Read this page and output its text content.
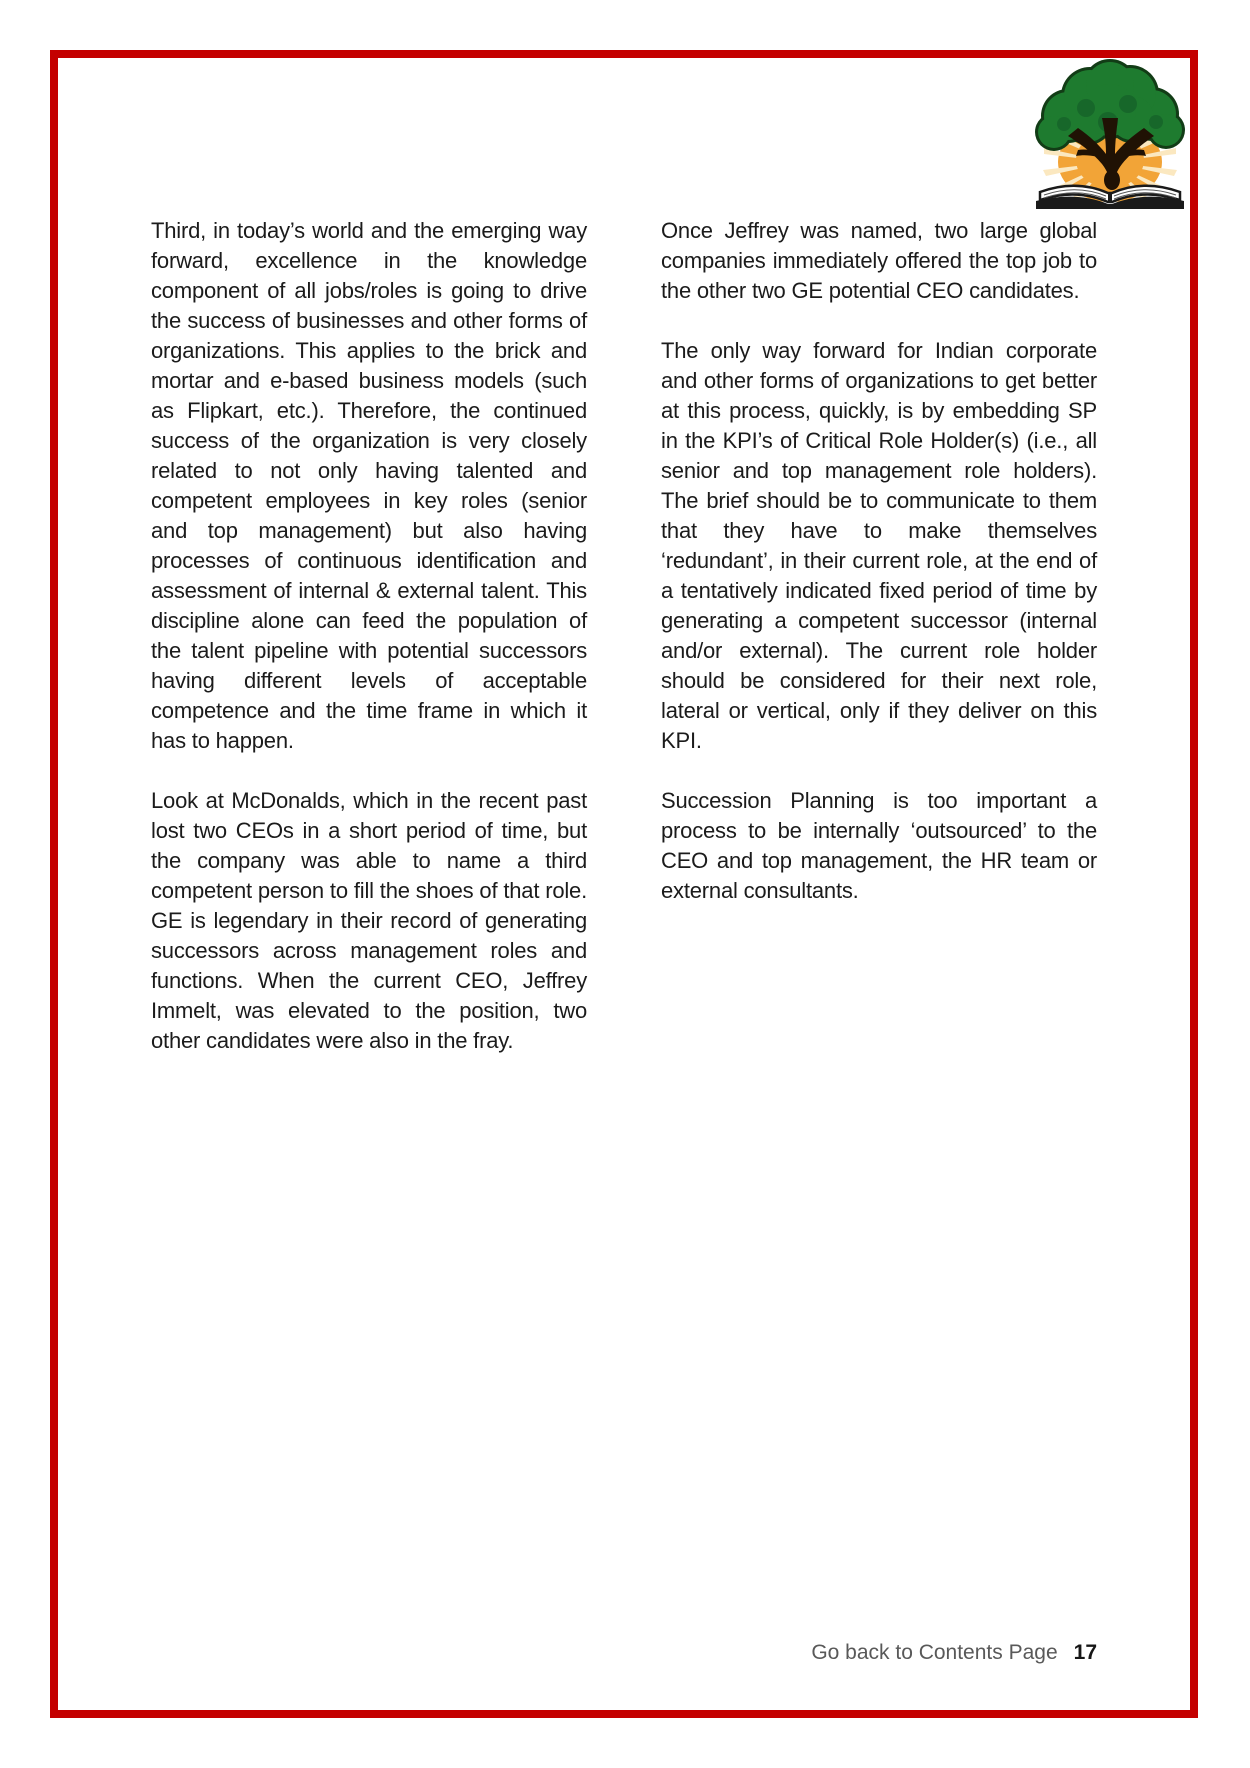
Third, in today’s world and the emerging way forward, excellence in the knowledge component of all jobs/roles is going to drive the success of businesses and other forms of organizations. This applies to the brick and mortar and e-based business models (such as Flipkart, etc.). Therefore, the continued success of the organization is very closely related to not only having talented and competent employees in key roles (senior and top management) but also having processes of continuous identification and assessment of internal & external talent. This discipline alone can feed the population of the talent pipeline with potential successors having different levels of acceptable competence and the time frame in which it has to happen.

Look at McDonalds, which in the recent past lost two CEOs in a short period of time, but the company was able to name a third competent person to fill the shoes of that role. GE is legendary in their record of generating successors across management roles and functions. When the current CEO, Jeffrey Immelt, was elevated to the position, two other candidates were also in the fray.

Once Jeffrey was named, two large global companies immediately offered the top job to the other two GE potential CEO candidates.

The only way forward for Indian corporate and other forms of organizations to get better at this process, quickly, is by embedding SP in the KPI’s of Critical Role Holder(s) (i.e., all senior and top management role holders). The brief should be to communicate to them that they have to make themselves ‘redundant’, in their current role, at the end of a tentatively indicated fixed period of time by generating a competent successor (internal and/or external). The current role holder should be considered for their next role, lateral or vertical, only if they deliver on this KPI.

Succession Planning is too important a process to be internally ‘outsourced’ to the CEO and top management, the HR team or external consultants.

Go back to Contents Page 17
